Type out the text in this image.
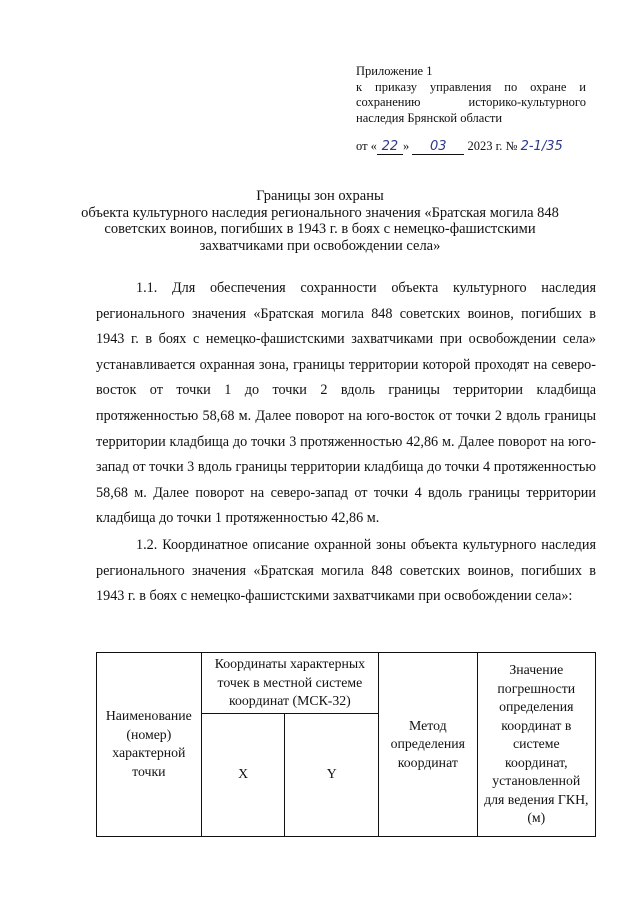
Приложение 1
к приказу управления по охране и
сохранению историко-культурного
наследия Брянской области
от « 22 » 03 2023 г. № 2-1/35
Границы зон охраны
объекта культурного наследия регионального значения «Братская могила 848 советских воинов, погибших в 1943 г. в боях с немецко-фашистскими захватчиками при освобождении села»
1.1. Для обеспечения сохранности объекта культурного наследия регионального значения «Братская могила 848 советских воинов, погибших в 1943 г. в боях с немецко-фашистскими захватчиками при освобождении села» устанавливается охранная зона, границы территории которой проходят на северо-восток от точки 1 до точки 2 вдоль границы территории кладбища протяженностью 58,68 м. Далее поворот на юго-восток от точки 2 вдоль границы территории кладбища до точки 3 протяженностью 42,86 м. Далее поворот на юго-запад от точки 3 вдоль границы территории кладбища до точки 4 протяженностью 58,68 м. Далее поворот на северо-запад от точки 4 вдоль границы территории кладбища до точки 1 протяженностью 42,86 м.
1.2. Координатное описание охранной зоны объекта культурного наследия регионального значения «Братская могила 848 советских воинов, погибших в 1943 г. в боях с немецко-фашистскими захватчиками при освобождении села»:
Наименование (номер) характерной точки	Координаты характерных точек в местной системе координат (МСК-32)		Метод определения координат	Значение погрешности определения координат в системе координат, установленной для ведения ГКН, (м)
	X	Y		
